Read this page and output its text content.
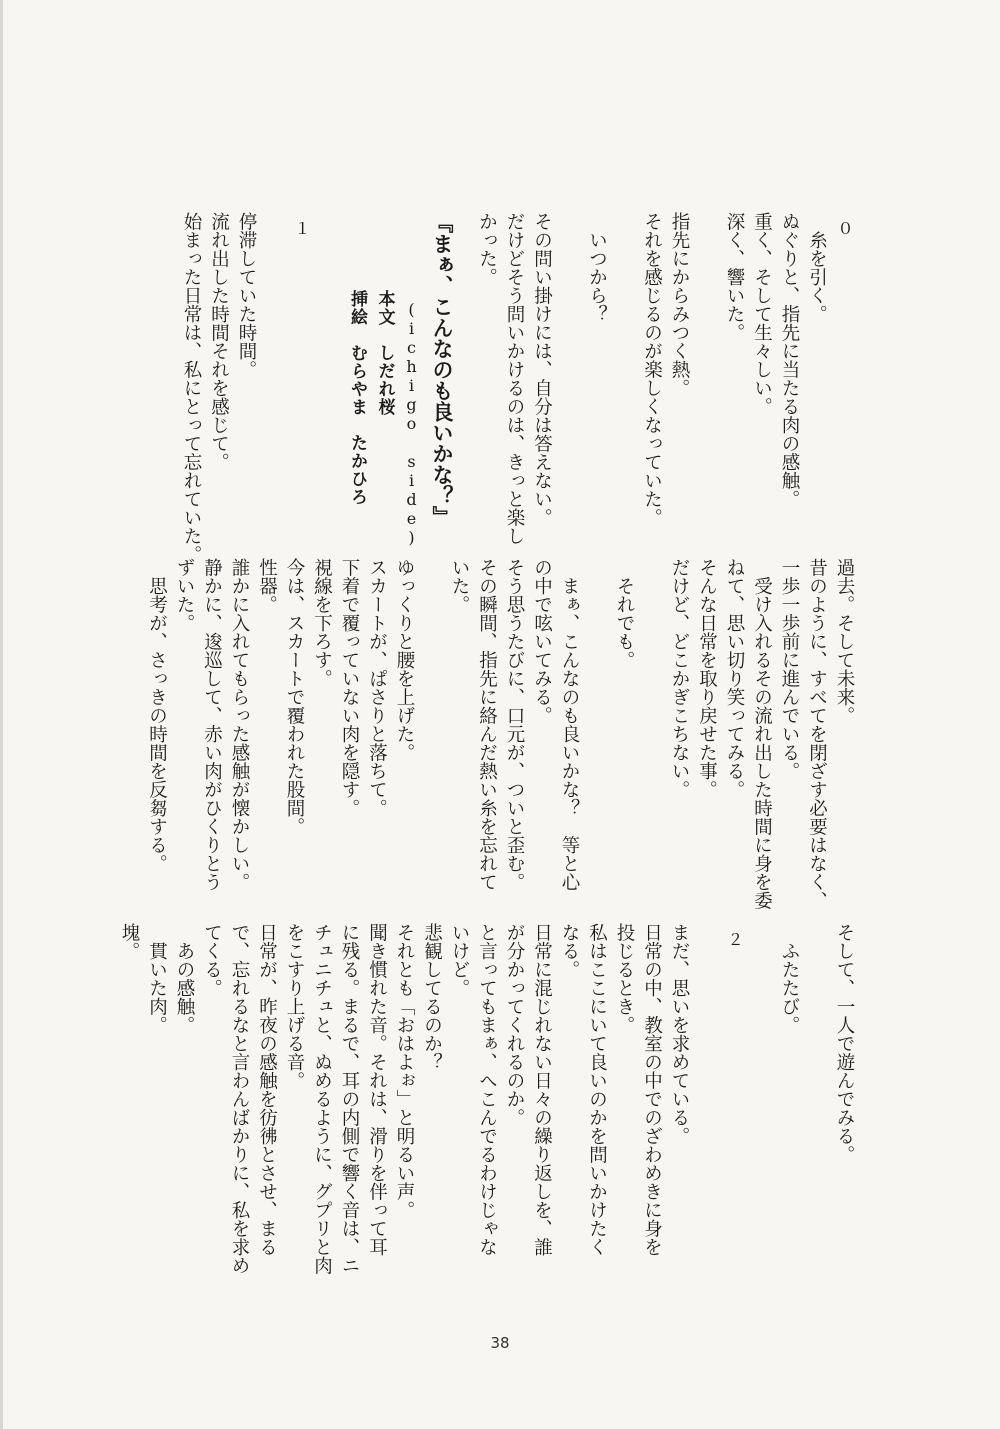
０
　糸を引く。
ぬぐりと、指先に当たる肉の感触。
重く、そして生々しい。
深く、響いた。
指先にからみつく熱。
それを感じるのが楽しくなっていた。
　いつから？
その問い掛けには、自分は答えない。
だけどそう問いかけるのは、きっと楽し
かった。
『まぁ、こんなのも良いかな？』
(ichigo side)
本文　しだれ桜
挿絵　むらやま　たかひろ
１
停滞していた時間。
流れ出した時間それを感じて。
始まった日常は、私にとって忘れていた。
過去。そして未来。
昔のように、すべてを閉ざす必要はなく、
一歩一歩前に進んでいる。
　受け入れるその流れ出した時間に身を委
ねて、思い切り笑ってみる。
そんな日常を取り戻せた事。
だけど、どこかぎこちない。
　それでも。
　まぁ、こんなのも良いかな？　等と心
の中で呟いてみる。
そう思うたびに、口元が、ついと歪む。
その瞬間、指先に絡んだ熱い糸を忘れて
いた。
ゆっくりと腰を上げた。
スカートが、ぱさりと落ちて。
下着で覆っていない肉を隠す。
視線を下ろす。
今は、スカートで覆われた股間。
性器。
誰かに入れてもらった感触が懐かしい。
静かに、逡巡して、赤い肉がひくりとう
ずいた。
　思考が、さっきの時間を反芻する。
そして、一人で遊んでみる。
　ふたたび。
２
まだ、思いを求めている。
日常の中、教室の中でのざわめきに身を
投じるとき。
私はここにいて良いのかを問いかけたく
なる。
日常に混じれない日々の繰り返しを、誰
が分かってくれるのか。
と言ってもまぁ、へこんでるわけじゃな
いけど。
悲観してるのか？
それとも「おはよぉ」と明るい声。
聞き慣れた音。それは、滑りを伴って耳
に残る。まるで、耳の内側で響く音は、ニ
チュニチュと、ぬめるように、グプリと肉
をこすり上げる音。
日常が、昨夜の感触を彷彿とさせ、まる
で、忘れるなと言わんばかりに、私を求め
てくる。
　あの感触。
　貫いた肉。
塊。
38
